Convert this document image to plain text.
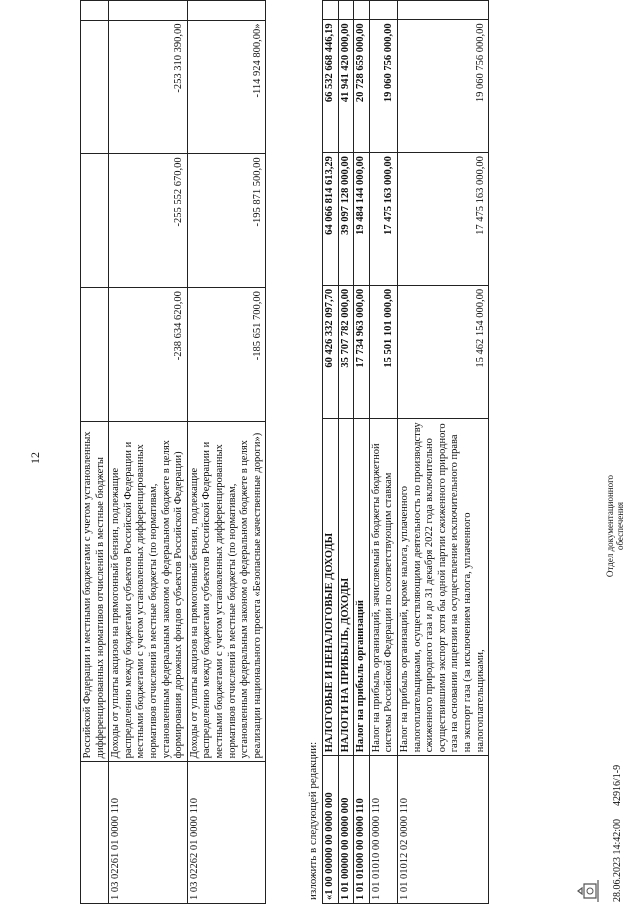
12
		Российской Федерации и местными бюджетами с учетом установленных дифференцированных нормативов отчислений в местные бюджеты				
1 03 02261 01 0000 110	Доходы от уплаты акцизов на прямогонный бензин, подлежащие распределению между бюджетами субъектов Российской Федерации и местными бюджетами с учетом установленных дифференцированных нормативов отчислений в местные бюджеты (по нормативам, установленным федеральным законом о федеральном бюджете в целях формирования дорожных фондов субъектов Российской Федерации)	-238 634 620,00	-255 552 670,00	-253 310 390,00	
1 03 02262 01 0000 110	Доходы от уплаты акцизов на прямогонный бензин, подлежащие распределению между бюджетами субъектов Российской Федерации и местными бюджетами с учетом установленных дифференцированных нормативов отчислений в местные бюджеты (по нормативам, установленным федеральным законом о федеральном бюджете в целях реализации национального проекта «Безопасные качественные дороги»)	-185 651 700,00	-195 871 500,00	-114 924 800,00»	
изложить в следующей редакции: «1 00 00000 00 0000 000	НАЛОГОВЫЕ И НЕНАЛОГОВЫЕ ДОХОДЫ	60 426 332 097,70	64 066 814 613,29	66 532 668 446,19	
1 01 00000 00 0000 000	НАЛОГИ НА ПРИБЫЛЬ, ДОХОДЫ	35 707 782 000,00	39 097 128 000,00	41 941 420 000,00	
1 01 01000 00 0000 110	Налог на прибыль организаций	17 734 963 000,00	19 484 144 000,00	20 728 659 000,00	
1 01 01010 00 0000 110	Налог на прибыль организаций, зачисляемый в бюджеты бюджетной системы Российской Федерации по соответствующим ставкам	15 501 101 000,00	17 475 163 000,00	19 060 756 000,00	
1 01 01012 02 0000 110	Налог на прибыль организаций, кроме налога, уплаченного налогоплательщиками, осуществляющими деятельность по производству сжиженного природного газа и до 31 декабря 2022 года включительно осуществившими экспорт хотя бы одной партии сжиженного природного газа на основании лицензии на осуществление исключительного права на экспорт газа (за исключением налога, уплаченного налогоплательщиками,	15 462 154 000,00	17 475 163 000,00	19 060 756 000,00	
28.06.2023 14:42:00
42916/1-9
Отдел документационного обеспечения
